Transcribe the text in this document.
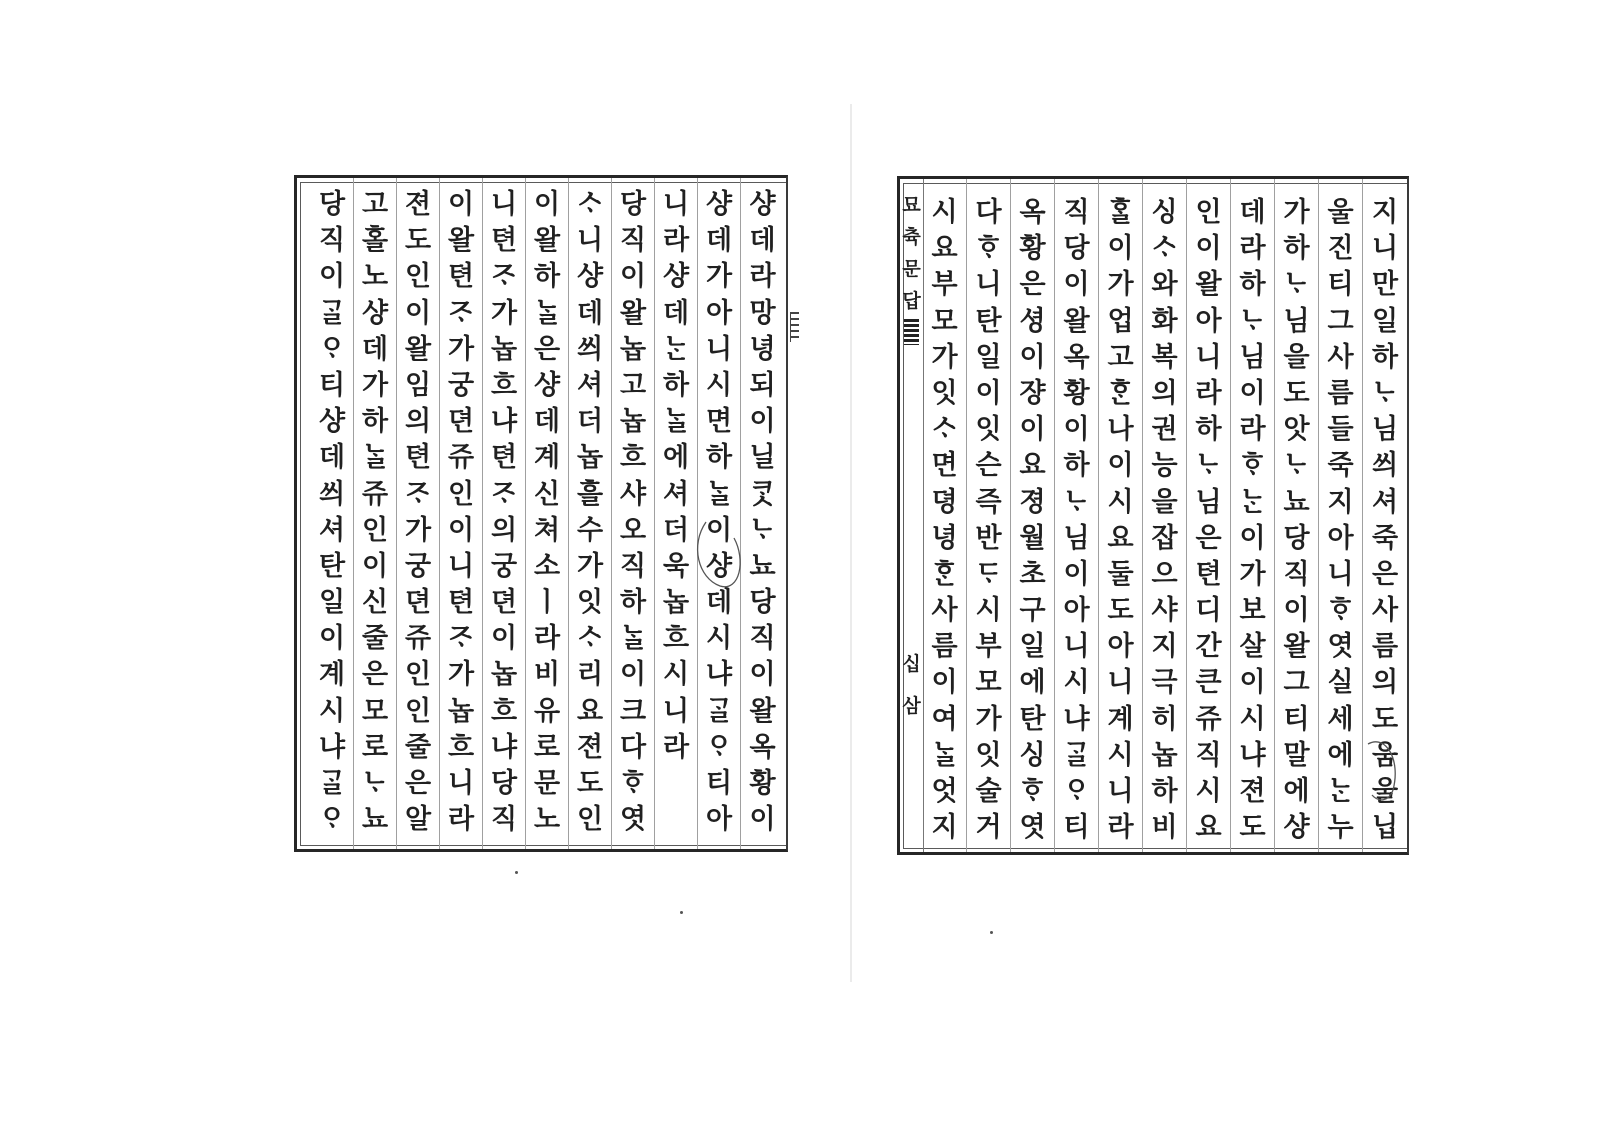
샹
데
라
망
녕
되
이
닐
ᄏᆞᆺ
ᄂᆞ
뇨
당
직
이
왈
옥
황
이
샹
데
가
아
니
시
면
하
ᄂᆞᆯ
이
샹
데
시
냐
ᄀᆞᆯ
ᄋᆞ
티
아
니
라
샹
데
ᄂᆞᆫ
하
ᄂᆞᆯ
에
셔
더
욱
놉
흐
시
니
라
당
직
이
왈
놉
고
놉
흐
샤
오
직
하
ᄂᆞᆯ
이
크
다
ᄒᆞ
엿
ᄉᆞ
니
샹
데
씌
셔
더
놉
흘
수
가
잇
ᄉᆞ
리
요
젼
도
인
이
왈
하
ᄂᆞᆯ
은
샹
데
계
신
쳐
소
ㅣ
라
비
유
로
문
노
니
텬
ᄌᆞ
가
놉
흐
냐
텬
ᄌᆞ
의
궁
뎐
이
놉
흐
냐
당
직
이
왈
텬
ᄌᆞ
가
궁
뎐
쥬
인
이
니
텬
ᄌᆞ
가
놉
흐
니
라
젼
도
인
이
왈
임
의
텬
ᄌᆞ
가
궁
뎐
쥬
인
인
줄
은
알
고
홀
노
샹
데
가
하
ᄂᆞᆯ
쥬
인
이
신
줄
은
모
로
ᄂᆞ
뇨
당
직
이
ᄀᆞᆯ
ᄋᆞ
티
샹
데
씌
셔
탄
일
이
계
시
냐
ᄀᆞᆯ
ᄋᆞ
묘
츅
문
답
십
삼
지
니
만
일
하
ᄂᆞ
님
씌
셔
죽
은
사
름
의
도
움
울
닙
울
진
티
그
사
름
들
죽
지
아
니
ᄒᆞ
엿
실
세
에
ᄂᆞᆫ
누
가
하
ᄂᆞ
님
을
도
앗
ᄂᆞ
뇨
당
직
이
왈
그
티
말
에
샹
데
라
하
ᄂᆞ
님
이
라
ᄒᆞ
ᄂᆞᆫ
이
가
보
살
이
시
냐
젼
도
인
이
왈
아
니
라
하
ᄂᆞ
님
은
텬
디
간
큰
쥬
직
시
요
싱
ᄉᆞ
와
화
복
의
권
능
을
잡
으
샤
지
극
히
놉
하
비
ᄒᆞᆯ
이
가
업
고
ᄒᆞᆫ
나
이
시
요
둘
도
아
니
계
시
니
라
직
당
이
왈
옥
황
이
하
ᄂᆞ
님
이
아
니
시
냐
ᄀᆞᆯ
ᄋᆞ
티
옥
황
은
셩
이
쟝
이
요
졍
월
초
구
일
에
탄
싱
ᄒᆞ
엿
다
ᄒᆞ
니
탄
일
이
잇
슨
즉
반
ᄃᆞ
시
부
모
가
잇
술
거
시
요
부
모
가
잇
ᄉᆞ
면
뎡
녕
ᄒᆞᆫ
사
름
이
여
ᄂᆞᆯ
엇
지
